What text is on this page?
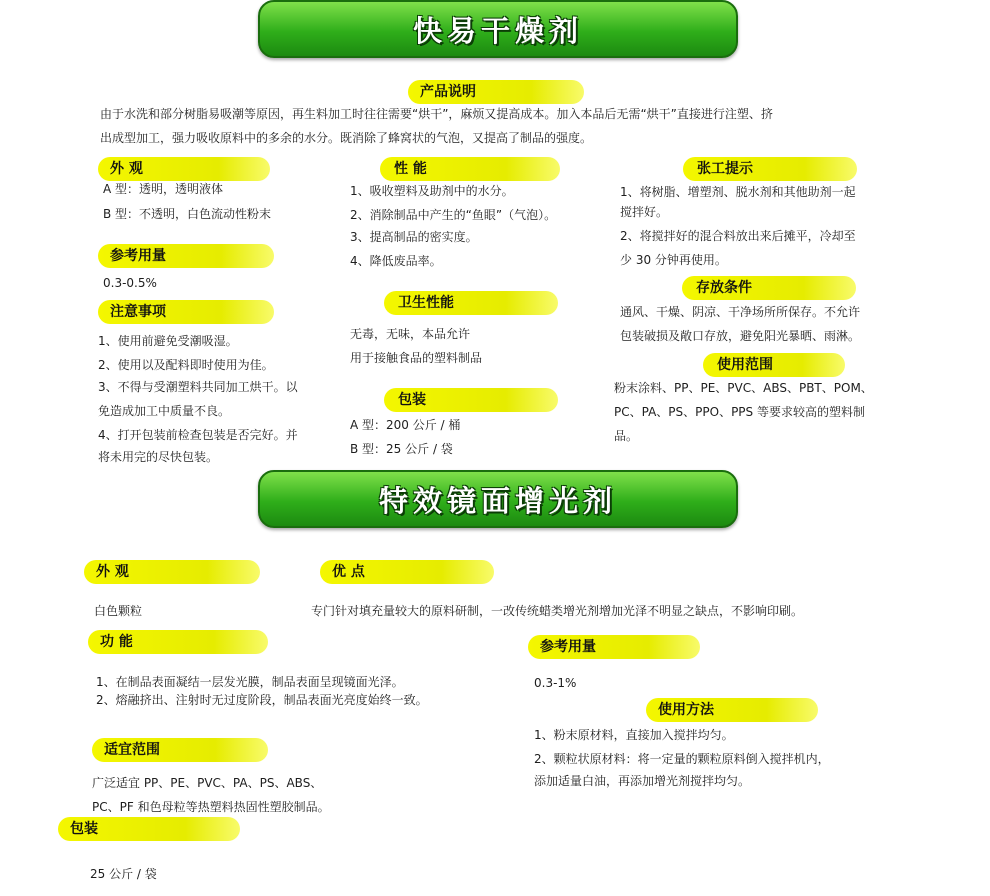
快易干燥剂
产品说明
由于水洗和部分树脂易吸潮等原因，再生料加工时往往需要“烘干”，麻烦又提高成本。加入本品后无需“烘干”直接进行注塑、挤
出成型加工，强力吸收原料中的多余的水分。既消除了蜂窝状的气泡，又提高了制品的强度。
外 观
A 型：透明，透明液体
B 型：不透明，白色流动性粉末
参考用量
0.3-0.5%
注意事项
1、使用前避免受潮吸湿。
2、使用以及配料即时使用为佳。
3、不得与受潮塑料共同加工烘干。以
免造成加工中质量不良。
4、打开包装前检查包装是否完好。并
将未用完的尽快包装。
性 能
1、吸收塑料及助剂中的水分。
2、消除制品中产生的“鱼眼”（气泡）。
3、提高制品的密实度。
4、降低废品率。
卫生性能
无毒，无味，本品允许
用于接触食品的塑料制品
包装
A 型：200 公斤 / 桶
B 型：25 公斤 / 袋
张工提示
1、将树脂、增塑剂、脱水剂和其他助剂一起
搅拌好。
2、将搅拌好的混合料放出来后摊平，冷却至
少 30 分钟再使用。
存放条件
通风、干燥、阴凉、干净场所所保存。不允许
包装破损及敞口存放，避免阳光暴晒、雨淋。
使用范围
粉末涂料、PP、PE、PVC、ABS、PBT、POM、
PC、PA、PS、PPO、PPS 等要求较高的塑料制
品。
特效镜面增光剂
外 观
白色颗粒
优 点
专门针对填充量较大的原料研制，一改传统蜡类增光剂增加光泽不明显之缺点，不影响印刷。
功 能
1、在制品表面凝结一层发光膜，制品表面呈现镜面光泽。
2、熔融挤出、注射时无过度阶段，制品表面光亮度始终一致。
参考用量
0.3-1%
使用方法
1、粉末原材料，直接加入搅拌均匀。
2、颗粒状原材料：将一定量的颗粒原料倒入搅拌机内，
添加适量白油，再添加增光剂搅拌均匀。
适宜范围
广泛适宜 PP、PE、PVC、PA、PS、ABS、
PC、PF 和色母粒等热塑料热固性塑胶制品。
包装
25 公斤 / 袋
